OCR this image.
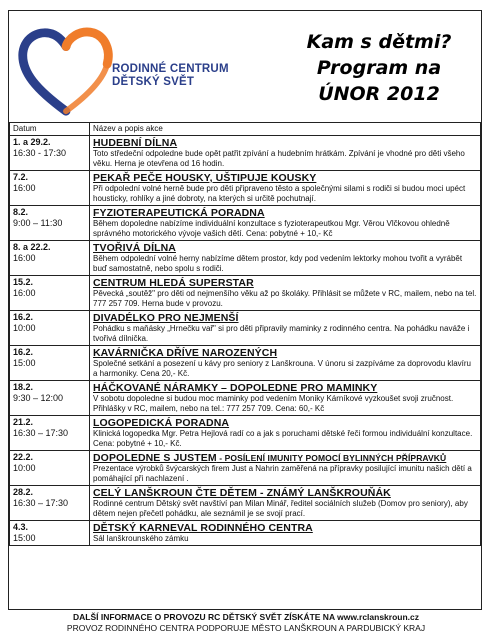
RODINNÉ CENTRUM
DĚTSKÝ SVĚT
Kam s dětmi?
Program na
ÚNOR 2012
Datum	Název a popis akce

1. a 29.2.
16:30 - 17:30	HUDEBNÍ DÍLNA
Toto středeční odpoledne bude opět patřit zpívání a hudebním hrátkám. Zpívání je vhodné pro děti všeho věku. Herna je otevřena od 16 hodin.

7.2.
16:00	PEKAŘ PEČE HOUSKY, UŠTIPUJE KOUSKY
Při odpolední volné herně bude pro děti připraveno těsto a společnými silami s rodiči si budou moci upéct housticky, rohlíky a jiné dobroty, na kterých si určitě pochutnají.

8.2.
9:00 – 11:30	FYZIOTERAPEUTICKÁ PORADNA
Během dopoledne nabízíme individuální konzultace s fyzioterapeutkou Mgr. Věrou Vlčkovou ohledně správného motorického vývoje vašich dětí. Cena: pobytné + 10,- Kč

8. a 22.2.
16:00	TVOŘIVÁ DÍLNA
Během odpolední volné herny nabízíme dětem prostor, kdy pod vedením lektorky mohou tvořit a vyrábět buď samostatně, nebo spolu s rodiči.

15.2.
16:00	CENTRUM HLEDÁ SUPERSTAR
Pěvecká „soutěž" pro děti od nejmenšího věku až po školáky. Přihlásit se můžete v RC, mailem, nebo na tel. 777 257 709. Herna bude v provozu.

16.2.
10:00	DIVADÉLKO PRO NEJMENŠÍ
Pohádku s maňásky „Hrnečku vař" si pro děti připravily maminky z rodinného centra. Na pohádku naváže i tvořivá dílnička.

16.2.
15:00	KAVÁRNIČKA DŘÍVE NAROZENÝCH
Společné setkání a posezení u kávy pro seniory z Lanškrouna. V únoru si zazpíváme za doprovodu klavíru a harmoniky. Cena 20,- Kč.

18.2.
9:30 – 12:00	HÁČKOVANÉ NÁRAMKY – DOPOLEDNE PRO MAMINKY
V sobotu dopoledne si budou moc maminky pod vedením Moniky Kárníkové vyzkoušet svoji zručnost. Přihlášky v RC, mailem, nebo na tel.: 777 257 709. Cena: 60,- Kč

21.2.
16:30 – 17:30	LOGOPEDICKÁ PORADNA
Klinická logopedka Mgr. Petra Hejlová radí co a jak s poruchami dětské řeči formou individuální konzultace. Cena: pobytné + 10,- Kč.

22.2.
10:00	DOPOLEDNE S JUSTEM - POSÍLENÍ IMUNITY POMOCÍ BYLINNÝCH PŘÍPRAVKŮ
Prezentace výrobků švýcarských firem Just a Nahrin zaměřená na přípravky posilující imunitu našich dětí a pomáhající při nachlazení .

28.2.
16:30 – 17:30	CELÝ LANŠKROUN ČTE DĚTEM - ZNÁMÝ LANŠKROUŇÁK
Rodinné centrum Dětský svět navštíví pan Milan Minář, ředitel sociálních služeb (Domov pro seniory), aby dětem nejen přečetl pohádku, ale seznámil je se svojí prací.

4.3.
15:00	DĚTSKÝ KARNEVAL RODINNÉHO CENTRA
Sál lanškrounského zámku
DALŠÍ INFORMACE O PROVOZU RC DĚTSKÝ SVĚT ZÍSKÁTE NA www.rclanskroun.cz
PROVOZ RODINNÉHO CENTRA PODPORUJE MĚSTO LANŠKROUN A PARDUBICKÝ KRAJ
